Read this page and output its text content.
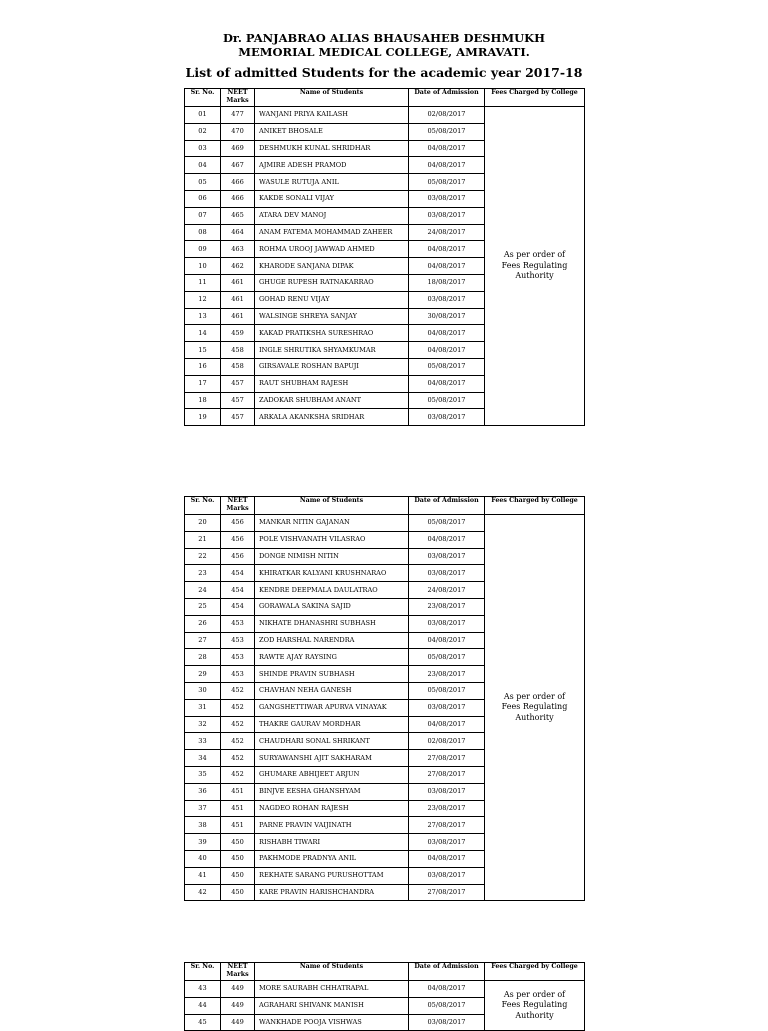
Dr. PANJABRAO ALIAS BHAUSAHEB DESHMUKH
MEMORIAL MEDICAL COLLEGE, AMRAVATI.
List of admitted Students for the academic year 2017-18
Sr. No.	NEET Marks	Name of Students	Date of Admission	Fees Charged by College
01	477	WANJANI PRIYA KAILASH	02/08/2017	As per order of Fees Regulating Authority
02	470	ANIKET BHOSALE	05/08/2017	
03	469	DESHMUKH KUNAL SHRIDHAR	04/08/2017	
04	467	AJMIRE ADESH PRAMOD	04/08/2017	
05	466	WASULE RUTUJA ANIL	05/08/2017	
06	466	KAKDE SONALI VIJAY	03/08/2017	
07	465	ATARA DEV MANOJ	03/08/2017	
08	464	ANAM FATEMA MOHAMMAD ZAHEER	24/08/2017	
09	463	ROHMA UROOJ JAWWAD AHMED	04/08/2017	
10	462	KHARODE SANJANA DIPAK	04/08/2017	
11	461	GHUGE RUPESH RATNAKARRAO	18/08/2017	
12	461	GOHAD RENU VIJAY	03/08/2017	
13	461	WALSINGE SHREYA SANJAY	30/08/2017	
14	459	KAKAD PRATIKSHA SURESHRAO	04/08/2017	
15	458	INGLE SHRUTIKA SHYAMKUMAR	04/08/2017	
16	458	GIRSAVALE ROSHAN BAPUJI	05/08/2017	
17	457	RAUT SHUBHAM RAJESH	04/08/2017	
18	457	ZADOKAR SHUBHAM ANANT	05/08/2017	
19	457	ARKALA AKANKSHA SRIDHAR	03/08/2017	
Sr. No.	NEET Marks	Name of Students	Date of Admission	Fees Charged by College
20	456	MANKAR NITIN GAJANAN	05/08/2017	As per order of Fees Regulating Authority
21	456	POLE VISHVANATH VILASRAO	04/08/2017	
22	456	DONGE NIMISH NITIN	03/08/2017	
23	454	KHIRATKAR KALYANI KRUSHNARAO	03/08/2017	
24	454	KENDRE DEEPMALA DAULATRAO	24/08/2017	
25	454	GORAWALA SAKINA SAJID	23/08/2017	
26	453	NIKHATE DHANASHRI SUBHASH	03/08/2017	
27	453	ZOD HARSHAL NARENDRA	04/08/2017	
28	453	RAWTE AJAY RAYSING	05/08/2017	
29	453	SHINDE PRAVIN SUBHASH	23/08/2017	
30	452	CHAVHAN NEHA GANESH	05/08/2017	
31	452	GANGSHETTIWAR APURVA VINAYAK	03/08/2017	
32	452	THAKRE GAURAV MORDHAR	04/08/2017	
33	452	CHAUDHARI SONAL SHRIKANT	02/08/2017	
34	452	SURYAWANSHI AJIT SAKHARAM	27/08/2017	
35	452	GHUMARE ABHIJEET ARJUN	27/08/2017	
36	451	BINJVE EESHA GHANSHYAM	03/08/2017	
37	451	NAGDEO ROHAN RAJESH	23/08/2017	
38	451	PARNE PRAVIN VAIJINATH	27/08/2017	
39	450	RISHABH TIWARI	03/08/2017	
40	450	PAKHMODE PRADNYA ANIL	04/08/2017	
41	450	REKHATE SARANG PURUSHOTTAM	03/08/2017	
42	450	KARE PRAVIN HARISHCHANDRA	27/08/2017	
Sr. No.	NEET Marks	Name of Students	Date of Admission	Fees Charged by College
43	449	MORE SAURABH CHHATRAPAL	04/08/2017	As per order of Fees Regulating Authority
44	449	AGRAHARI SHIVANK MANISH	05/08/2017	
45	449	WANKHADE POOJA VISHWAS	03/08/2017	
